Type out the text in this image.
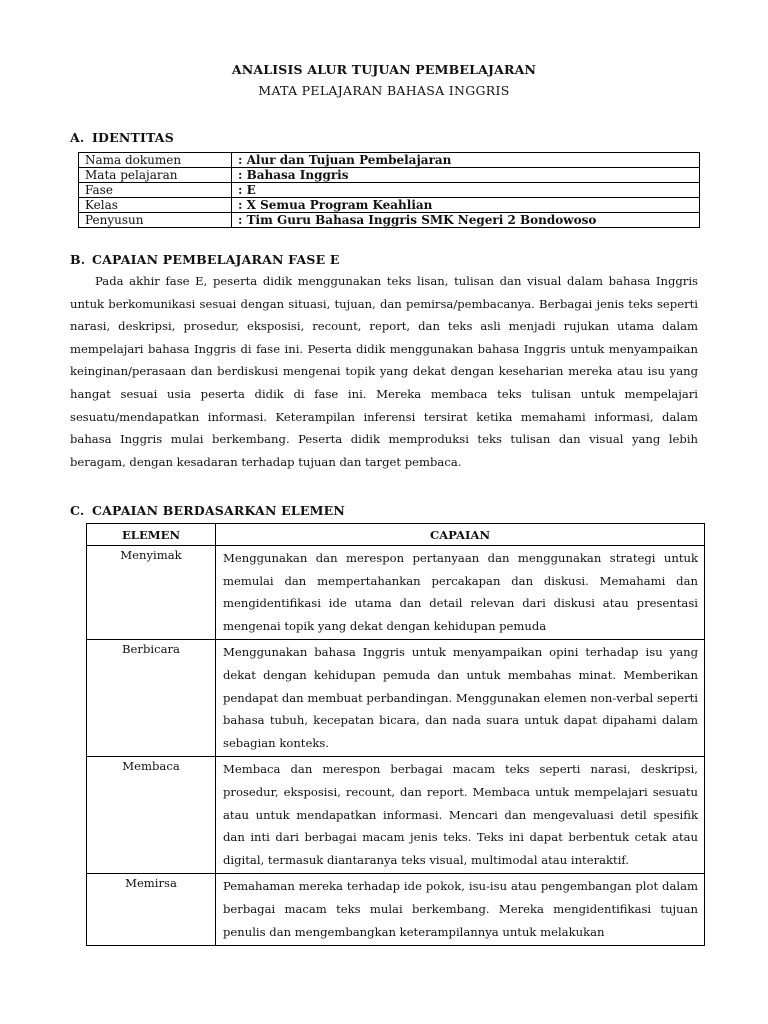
ANALISIS ALUR TUJUAN PEMBELAJARAN
MATA PELAJARAN BAHASA INGGRIS
A. IDENTITAS
Nama dokumen	: Alur dan Tujuan Pembelajaran
Mata pelajaran	: Bahasa Inggris
Fase	: E
Kelas	: X Semua Program Keahlian
Penyusun	: Tim Guru Bahasa Inggris SMK Negeri 2 Bondowoso
B. CAPAIAN PEMBELAJARAN FASE E
Pada akhir fase E, peserta didik menggunakan teks lisan, tulisan dan visual dalam bahasa Inggris untuk berkomunikasi sesuai dengan situasi, tujuan, dan pemirsa/pembacanya. Berbagai jenis teks seperti narasi, deskripsi, prosedur, eksposisi, recount, report, dan teks asli menjadi rujukan utama dalam mempelajari bahasa Inggris di fase ini. Peserta didik menggunakan bahasa Inggris untuk menyampaikan keinginan/perasaan dan berdiskusi mengenai topik yang dekat dengan keseharian mereka atau isu yang hangat sesuai usia peserta didik di fase ini. Mereka membaca teks tulisan untuk mempelajari sesuatu/mendapatkan informasi. Keterampilan inferensi tersirat ketika memahami informasi, dalam bahasa Inggris mulai berkembang. Peserta didik memproduksi teks tulisan dan visual yang lebih beragam, dengan kesadaran terhadap tujuan dan target pembaca.
C. CAPAIAN BERDASARKAN ELEMEN
ELEMEN	CAPAIAN
Menyimak	Menggunakan dan merespon pertanyaan dan menggunakan strategi untuk memulai dan mempertahankan percakapan dan diskusi. Memahami dan mengidentifikasi ide utama dan detail relevan dari diskusi atau presentasi mengenai topik yang dekat dengan kehidupan pemuda
Berbicara	Menggunakan bahasa Inggris untuk menyampaikan opini terhadap isu yang dekat dengan kehidupan pemuda dan untuk membahas minat. Memberikan pendapat dan membuat perbandingan. Menggunakan elemen non-verbal seperti bahasa tubuh, kecepatan bicara, dan nada suara untuk dapat dipahami dalam sebagian konteks.
Membaca	Membaca dan merespon berbagai macam teks seperti narasi, deskripsi, prosedur, eksposisi, recount, dan report. Membaca untuk mempelajari sesuatu atau untuk mendapatkan informasi. Mencari dan mengevaluasi detil spesifik dan inti dari berbagai macam jenis teks. Teks ini dapat berbentuk cetak atau digital, termasuk diantaranya teks visual, multimodal atau interaktif.
Memirsa	Pemahaman mereka terhadap ide pokok, isu-isu atau pengembangan plot dalam berbagai macam teks mulai berkembang. Mereka mengidentifikasi tujuan penulis dan mengembangkan keterampilannya untuk melakukan
